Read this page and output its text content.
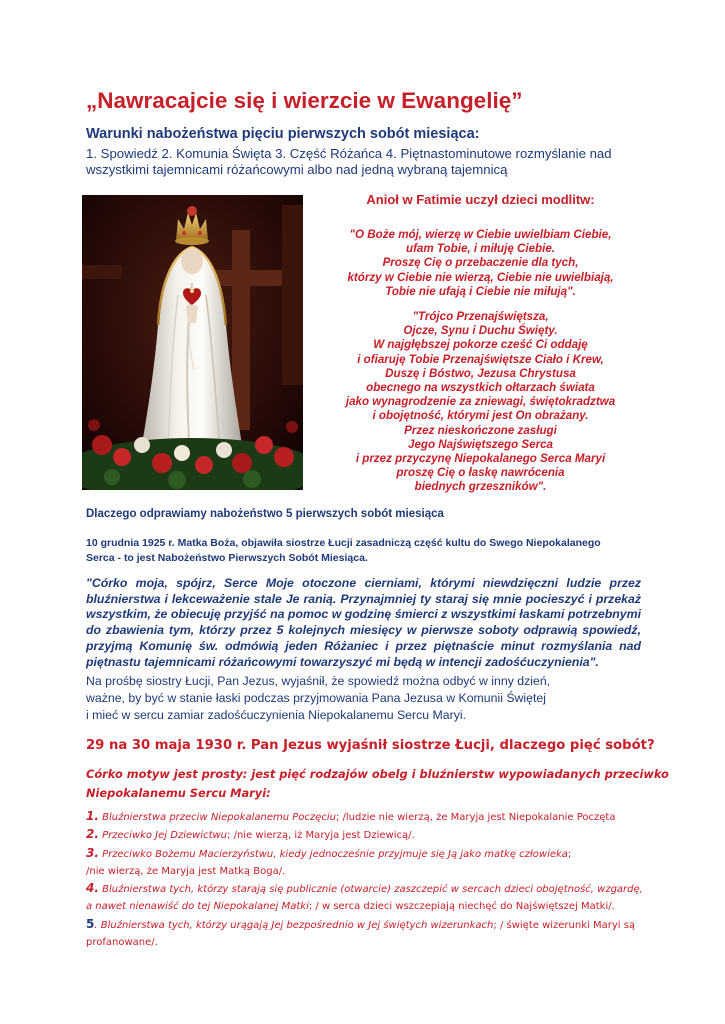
„Nawracajcie się i wierzcie w Ewangelię”
Warunki nabożeństwa pięciu pierwszych sobót miesiąca:
1. Spowiedź 2. Komunia Święta 3. Część Różańca 4. Piętnastominutowe rozmyślanie nad
wszystkimi tajemnicami różańcowymi albo nad jedną wybraną tajemnicą
Anioł w Fatimie uczył dzieci modlitw:
"O Boże mój, wierzę w Ciebie uwielbiam Ciebie,
ufam Tobie, i miłuję Ciebie.
Proszę Cię o przebaczenie dla tych,
którzy w Ciebie nie wierzą, Ciebie nie uwielbiają,
Tobie nie ufają i Ciebie nie miłują".
"Trójco Przenajświętsza,
Ojcze, Synu i Duchu Święty.
W najgłębszej pokorze cześć Ci oddaję
i ofiaruję Tobie Przenajświętsze Ciało i Krew,
Duszę i Bóstwo, Jezusa Chrystusa
obecnego na wszystkich ołtarzach świata
jako wynagrodzenie za zniewagi, świętokradztwa
i obojętność, którymi jest On obrażany.
Przez nieskończone zasługi
Jego Najświętszego Serca
i przez przyczynę Niepokalanego Serca Maryi
proszę Cię o łaskę nawrócenia
biednych grzeszników".
Dlaczego odprawiamy nabożeństwo 5 pierwszych sobót miesiąca
10 grudnia 1925 r. Matka Boża, objawiła siostrze Łucji zasadniczą część kultu do Swego Niepokalanego
Serca - to jest Nabożeństwo Pierwszych Sobót Miesiąca.
"Córko moja, spójrz, Serce Moje otoczone cierniami, którymi niewdzięczni ludzie przez
bluźnierstwa i lekceważenie stale Je ranią. Przynajmniej ty staraj się mnie pocieszyć i przekaż
wszystkim, że obiecuję przyjść na pomoc w godzinę śmierci z wszystkimi łaskami potrzebnymi
do zbawienia tym, którzy przez 5 kolejnych miesięcy w pierwsze soboty odprawią spowiedź,
przyjmą Komunię św. odmówią jeden Różaniec i przez piętnaście minut rozmyślania nad
piętnastu tajemnicami różańcowymi towarzyszyć mi będą w intencji zadośćuczynienia".
Na prośbę siostry Łucji, Pan Jezus, wyjaśnił, że spowiedź można odbyć w inny dzień,
ważne, by być w stanie łaski podczas przyjmowania Pana Jezusa w Komunii Świętej
i mieć w sercu zamiar zadośćuczynienia Niepokalanemu Sercu Maryi.
29 na 30 maja 1930 r. Pan Jezus wyjaśnił siostrze Łucji, dlaczego pięć sobót?
Córko motyw jest prosty: jest pięć rodzajów obelg i bluźnierstw wypowiadanych przeciwko
Niepokalanemu Sercu Maryi:
1. Bluźnierstwa przeciw Niepokalanemu Poczęciu; /ludzie nie wierzą, że Maryja jest Niepokalanie Poczęta
2. Przeciwko Jej Dziewictwu; /nie wierzą, iż Maryja jest Dziewicą/.
3. Przeciwko Bożemu Macierzyństwu, kiedy jednocześnie przyjmuje się Ją jako matkę człowieka;
/nie wierzą, że Maryja jest Matką Boga/.
4. Bluźnierstwa tych, którzy starają się publicznie (otwarcie) zaszczepić w sercach dzieci obojętność, wzgardę,
a nawet nienawiść do tej Niepokalanej Matki; / w serca dzieci wszczepiają niechęć do Najświętszej Matki/.
5. Bluźnierstwa tych, którzy urągają Jej bezpośrednio w Jej świętych wizerunkach; / święte wizerunki Maryi są
profanowane/.
